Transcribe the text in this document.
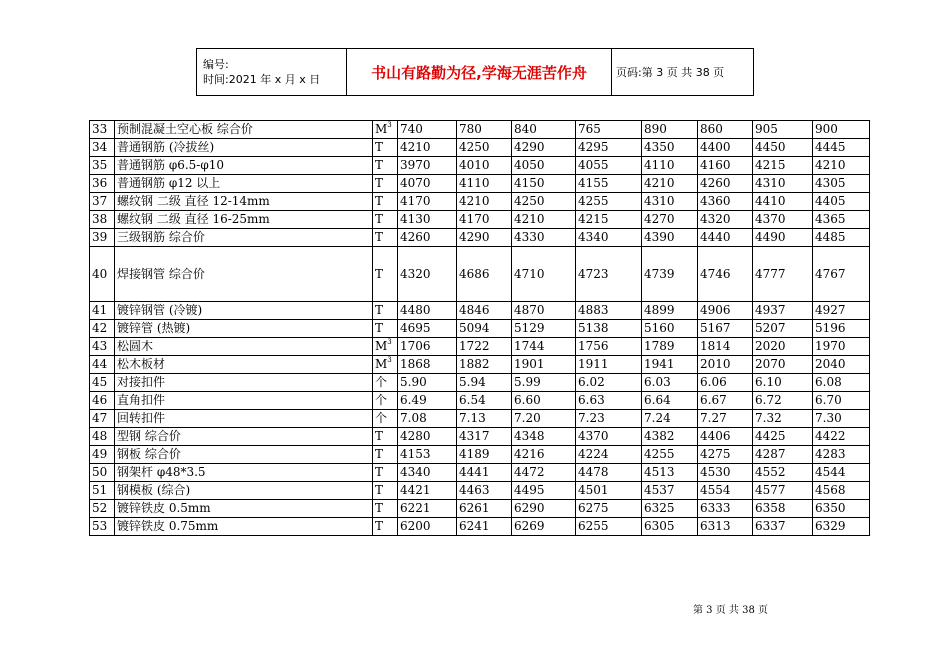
编号:
时间:2021 年 x 月 x 日	书山有路勤为径,学海无涯苦作舟	页码:第 3 页 共 38 页
33	预制混凝土空心板 综合价	$M^3$	740	780	840	765	890	860	905	900
34	普通钢筋 (冷拔丝)	T	4210	4250	4290	4295	4350	4400	4450	4445
35	普通钢筋 φ6.5-φ10	T	3970	4010	4050	4055	4110	4160	4215	4210
36	普通钢筋 φ12 以上	T	4070	4110	4150	4155	4210	4260	4310	4305
37	螺纹钢 二级 直径 12-14mm	T	4170	4210	4250	4255	4310	4360	4410	4405
38	螺纹钢 二级 直径 16-25mm	T	4130	4170	4210	4215	4270	4320	4370	4365
39	三级钢筋 综合价	T	4260	4290	4330	4340	4390	4440	4490	4485
40	焊接钢管 综合价	T	4320	4686	4710	4723	4739	4746	4777	4767
41	镀锌钢管 (冷镀)	T	4480	4846	4870	4883	4899	4906	4937	4927
42	镀锌管 (热镀)	T	4695	5094	5129	5138	5160	5167	5207	5196
43	松圆木	$M^3$	1706	1722	1744	1756	1789	1814	2020	1970
44	松木板材	$M^3$	1868	1882	1901	1911	1941	2010	2070	2040
45	对接扣件	个	5.90	5.94	5.99	6.02	6.03	6.06	6.10	6.08
46	直角扣件	个	6.49	6.54	6.60	6.63	6.64	6.67	6.72	6.70
47	回转扣件	个	7.08	7.13	7.20	7.23	7.24	7.27	7.32	7.30
48	型钢 综合价	T	4280	4317	4348	4370	4382	4406	4425	4422
49	钢板 综合价	T	4153	4189	4216	4224	4255	4275	4287	4283
50	钢架杆 φ48*3.5	T	4340	4441	4472	4478	4513	4530	4552	4544
51	钢模板 (综合)	T	4421	4463	4495	4501	4537	4554	4577	4568
52	镀锌铁皮 0.5mm	T	6221	6261	6290	6275	6325	6333	6358	6350
53	镀锌铁皮 0.75mm	T	6200	6241	6269	6255	6305	6313	6337	6329
第 3 页 共 38 页
